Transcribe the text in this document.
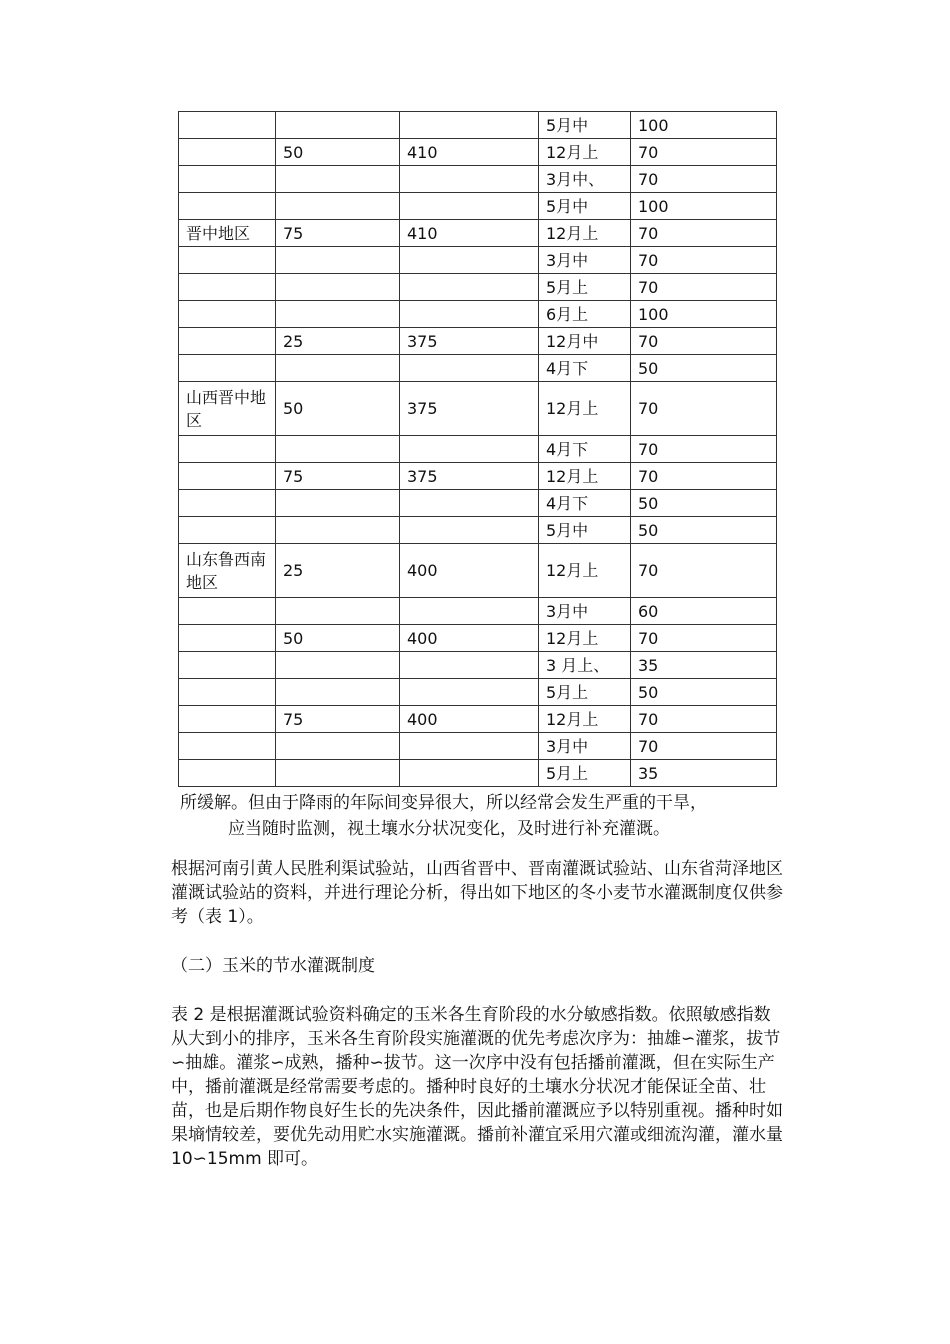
			5月中	100
	50	410	12月上	70
			3月中、	70
			5月中	100
晋中地区	75	410	12月上	70
			3月中	70
			5月上	70
			6月上	100
	25	375	12月中	70
			4月下	50
山西晋中地区	50	375	12月上	70
			4月下	70
	75	375	12月上	70
			4月下	50
			5月中	50
山东鲁西南地区	25	400	12月上	70
			3月中	60
	50	400	12月上	70
			3 月上、	35
			5月上	50
	75	400	12月上	70
			3月中	70
			5月上	35

所缓解。但由于降雨的年际间变异很大，所以经常会发生严重的干旱，

应当随时监测，视土壤水分状况变化，及时进行补充灌溉。

根据河南引黄人民胜利渠试验站，山西省晋中、晋南灌溉试验站、山东省菏泽地区灌溉试验站的资料，并进行理论分析，得出如下地区的冬小麦节水灌溉制度仅供参考（表 1）。

（二）玉米的节水灌溉制度

表 2 是根据灌溉试验资料确定的玉米各生育阶段的水分敏感指数。依照敏感指数从大到小的排序，玉米各生育阶段实施灌溉的优先考虑次序为：抽雄∽灌浆，拔节∽抽雄。灌浆∽成熟，播种∽拔节。这一次序中没有包括播前灌溉，但在实际生产中，播前灌溉是经常需要考虑的。播种时良好的土壤水分状况才能保证全苗、壮苗，也是后期作物良好生长的先决条件，因此播前灌溉应予以特别重视。播种时如果墒情较差，要优先动用贮水实施灌溉。播前补灌宜采用穴灌或细流沟灌，灌水量 10∽15mm 即可。
